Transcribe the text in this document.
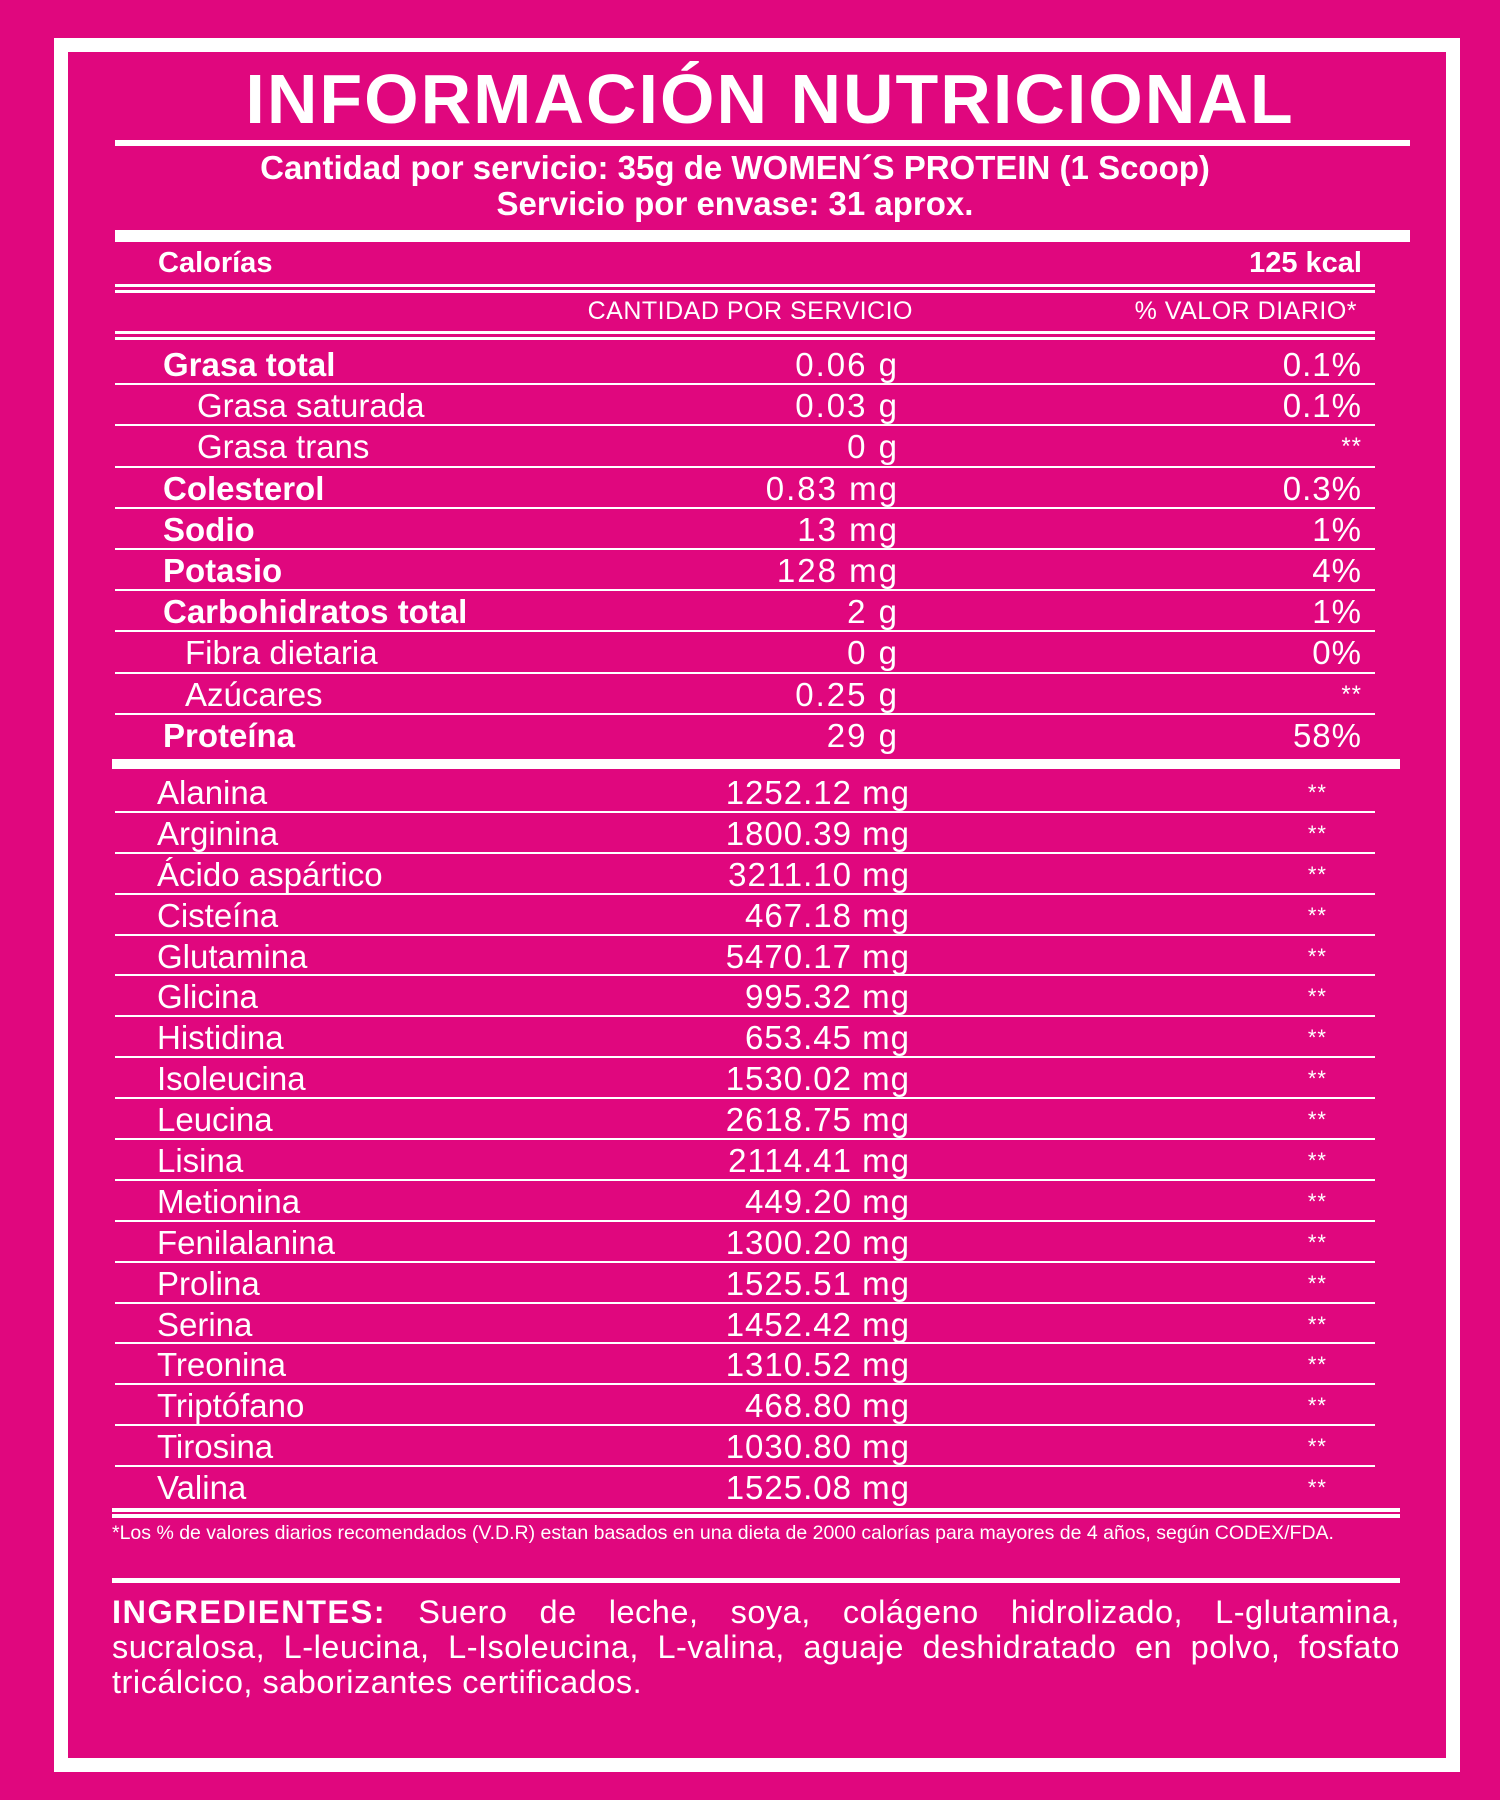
INFORMACIÓN NUTRICIONAL
Cantidad por servicio: 35g de WOMEN´S PROTEIN (1 Scoop)
Servicio por envase: 31 aprox.
Calorías	125 kcal
CANTIDAD POR SERVICIO	% VALOR DIARIO*
Grasa total	0.06 g	0.1%
Grasa saturada	0.03 g	0.1%
Grasa trans	0 g	**
Colesterol	0.83 mg	0.3%
Sodio	13 mg	1%
Potasio	128 mg	4%
Carbohidratos total	2 g	1%
Fibra dietaria	0 g	0%
Azúcares	0.25 g	**
Proteína	29 g	58%
Alanina	1252.12 mg	**
Arginina	1800.39 mg	**
Ácido aspártico	3211.10 mg	**
Cisteína	467.18 mg	**
Glutamina	5470.17 mg	**
Glicina	995.32 mg	**
Histidina	653.45 mg	**
Isoleucina	1530.02 mg	**
Leucina	2618.75 mg	**
Lisina	2114.41 mg	**
Metionina	449.20 mg	**
Fenilalanina	1300.20 mg	**
Prolina	1525.51 mg	**
Serina	1452.42 mg	**
Treonina	1310.52 mg	**
Triptófano	468.80 mg	**
Tirosina	1030.80 mg	**
Valina	1525.08 mg	**
*Los % de valores diarios recomendados (V.D.R) estan basados en una dieta de 2000 calorías para mayores de 4 años, según CODEX/FDA.
INGREDIENTES: Suero de leche, soya, colágeno hidrolizado, L-glutamina, sucralosa, L-leucina, L-Isoleucina, L-valina, aguaje deshidratado en polvo, fosfato tricálcico, saborizantes certificados.
